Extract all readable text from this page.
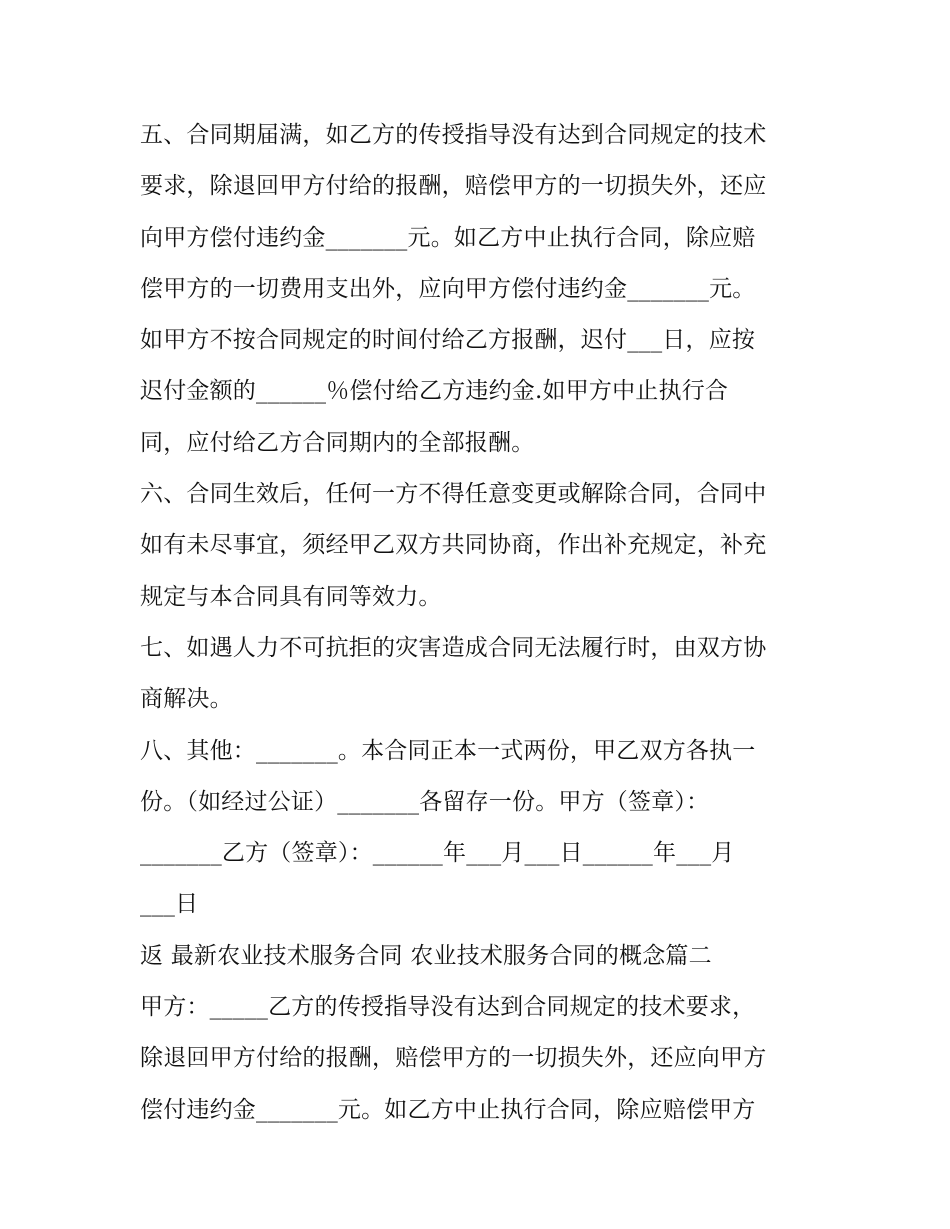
五、合同期届满，如乙方的传授指导没有达到合同规定的技术
要求，除退回甲方付给的报酬，赔偿甲方的一切损失外，还应
向甲方偿付违约金_______元。如乙方中止执行合同，除应赔
偿甲方的一切费用支出外，应向甲方偿付违约金_______元。
如甲方不按合同规定的时间付给乙方报酬，迟付___日，应按
迟付金额的______％偿付给乙方违约金.如甲方中止执行合
同，应付给乙方合同期内的全部报酬。
六、合同生效后，任何一方不得任意变更或解除合同，合同中
如有未尽事宜，须经甲乙双方共同协商，作出补充规定，补充
规定与本合同具有同等效力。
七、如遇人力不可抗拒的灾害造成合同无法履行时，由双方协
商解决。
八、其他：_______。本合同正本一式两份，甲乙双方各执一
份。（如经过公证）_______各留存一份。甲方（签章）：
_______乙方（签章）：______年___月___日______年___月
___日
返 最新农业技术服务合同 农业技术服务合同的概念篇二
甲方：_____乙方的传授指导没有达到合同规定的技术要求，
除退回甲方付给的报酬，赔偿甲方的一切损失外，还应向甲方
偿付违约金_______元。如乙方中止执行合同，除应赔偿甲方
